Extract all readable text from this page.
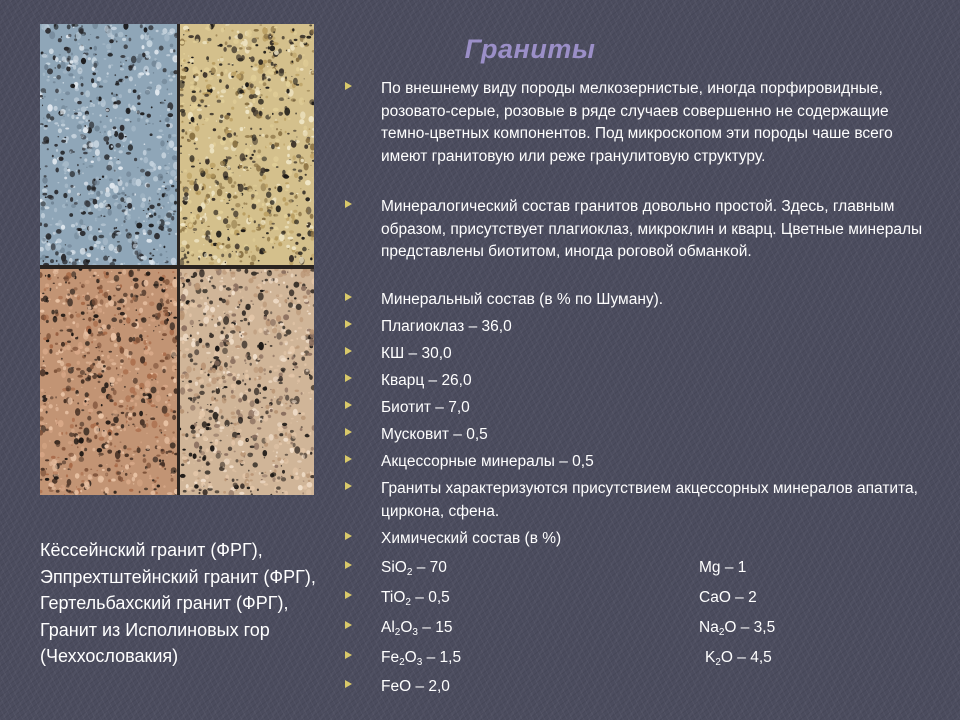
Кёссейнский гранит (ФРГ), Эппрехтштейнский гранит (ФРГ), Гертельбахский гранит (ФРГ), Гранит из Исполиновых гор (Чеххословакия)

Граниты
По внешнему виду породы мелкозернистые, иногда порфировидные, розовато-серые, розовые в ряде случаев совершенно не содержащие темно-цветных компонентов. Под микроскопом эти породы чаше всего имеют гранитовую или реже гранулитовую структуру.
Минералогический состав гранитов довольно простой. Здесь, главным образом, присутствует плагиоклаз, микроклин и кварц. Цветные минералы представлены биотитом, иногда роговой обманкой.
Минеральный состав (в % по Шуману).
Плагиоклаз – 36,0
КШ – 30,0
Кварц – 26,0
Биотит – 7,0
Мусковит – 0,5
Акцессорные минералы – 0,5
Граниты характеризуются присутствием акцессорных минералов апатита, циркона, сфена.
Химический состав (в %)
SiO$_2$ – 70	Mg – 1
TiO$_2$ – 0,5	CaO – 2
$Al_2O_3 - 15$	$Na_2O - 3,5$
$Fe_2O_3 - 1,5$	$K_2O - 4,5$
FeO – 2,0
